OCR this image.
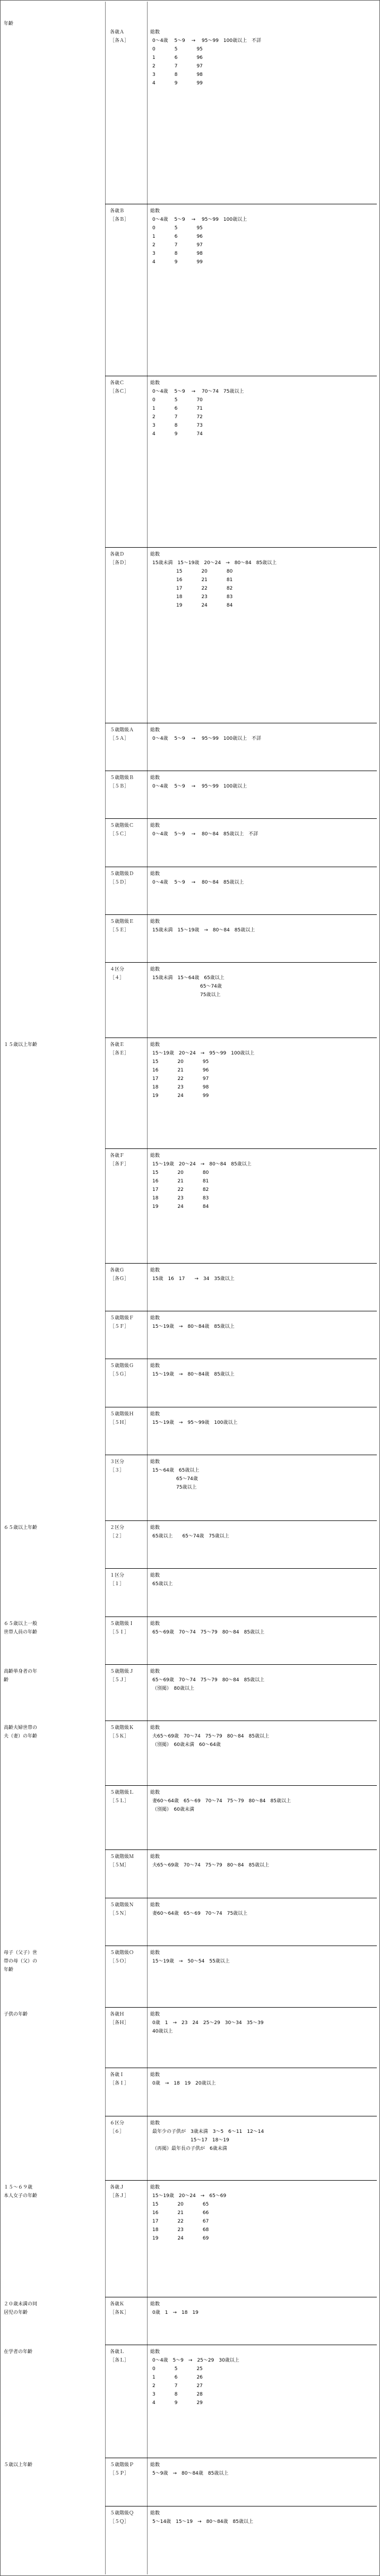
年齢
各歳Ａ	総数
［各Ａ］	0～4歳　 5～9　 →　 95～99　100歳以上　不詳
0　　　　5　　　　95
1　　　　6　　　　96
2　　　　7　　　　97
3　　　　8　　　　98
4　　　　9　　　　99
各歳Ｂ	総数
［各Ｂ］	0～4歳　 5～9　 →　 95～99　100歳以上
0　　　　5　　　　95
1　　　　6　　　　96
2　　　　7　　　　97
3　　　　8　　　　98
4　　　　9　　　　99
各歳Ｃ	総数
［各Ｃ］	0～4歳　 5～9　 →　 70～74　75歳以上
0　　　　5　　　　70
1　　　　6　　　　71
2　　　　7　　　　72
3　　　　8　　　　73
4　　　　9　　　　74
各歳Ｄ	総数
［各Ｄ］	15歳未満　15～19歳　20～24　→　80～84　85歳以上
　　　　　15　　　　20　　　　80
　　　　　16　　　　21　　　　81
　　　　　17　　　　22　　　　82
　　　　　18　　　　23　　　　83
　　　　　19　　　　24　　　　84
５歳階級Ａ	総数
［５Ａ］	0～4歳　 5～9　 →　 95～99　100歳以上　不詳
５歳階級Ｂ	総数
［５Ｂ］	0～4歳　 5～9　 →　 95～99　100歳以上
５歳階級Ｃ	総数
［５Ｃ］	0～4歳　 5～9　 →　 80～84　85歳以上　不詳
５歳階級Ｄ	総数
［５Ｄ］	0～4歳　 5～9　 →　 80～84　85歳以上
５歳階級Ｅ	総数
［５Ｅ］	15歳未満　15～19歳　→　80～84　85歳以上
４区分	総数
［４］	15歳未満　15～64歳　65歳以上
　　　　　　　　　　65～74歳
　　　　　　　　　　75歳以上
１５歳以上年齢	各歳Ｅ	総数
［各Ｅ］	15～19歳　20～24　→　95～99　100歳以上
15　　　　20　　　　95
16　　　　21　　　　96
17　　　　22　　　　97
18　　　　23　　　　98
19　　　　24　　　　99
各歳Ｆ	総数
［各Ｆ］	15～19歳　20～24　→　80～84　85歳以上
15　　　　20　　　　80
16　　　　21　　　　81
17　　　　22　　　　82
18　　　　23　　　　83
19　　　　24　　　　84
各歳Ｇ	総数
［各Ｇ］	15歳　16　17　　→　34　35歳以上
５歳階級Ｆ	総数
［５Ｆ］	15～19歳　→　80～84歳　85歳以上
５歳階級Ｇ	総数
［５Ｇ］	15～19歳　→　80～84歳　85歳以上
５歳階級Ｈ	総数
［５Ｈ］	15～19歳　→　95～99歳　100歳以上
３区分	総数
［３］	15～64歳　65歳以上
　　　　　65～74歳
　　　　　75歳以上
６５歳以上年齢	２区分	総数
［２］	65歳以上　　65～74歳　75歳以上
１区分	総数
［１］	65歳以上
６５歳以上一般
世帯人員の年齢
５歳階級Ｉ	総数
［５Ｉ］	65～69歳　70～74　75～79　80～84　85歳以上
高齢単身者の年
齢
５歳階級Ｊ	総数
［５Ｊ］	65～69歳　70～74　75～79　80～84　85歳以上
（別掲）　80歳以上
高齢夫婦世帯の
夫（妻）の年齢
５歳階級Ｋ	総数
［５Ｋ］	夫65～69歳　70～74　75～79　80～84　85歳以上
（別掲）　60歳未満　60～64歳
５歳階級Ｌ	総数
［５Ｌ］	妻60～64歳　65～69　70～74　75～79　80～84　85歳以上
（別掲）　60歳未満
５歳階級Ｍ	総数
［５Ｍ］	夫65～69歳　70～74　75～79　80～84　85歳以上
５歳階級Ｎ	総数
［５Ｎ］	妻60～64歳　65～69　70～74　75歳以上
母子（父子）世
帯の母（父）の
年齢
５歳階級Ｏ	総数
［５Ｏ］	15～19歳　→　50～54　55歳以上
子供の年齢	各歳Ｈ	総数
［各Ｈ］	0歳　1　→　23　24　25～29　30～34　35～39
40歳以上
各歳Ｉ	総数
［各Ｉ］	0歳　→　18　19　20歳以上
６区分	総数
［６］	最年少の子供が　3歳未満　3～5　6～11　12～14
　　　　　　　　15～17　18～19
（再掲）最年長の子供が　6歳未満
１５～６９歳
本人女子の年齢
各歳Ｊ	総数
［各Ｊ］	15～19歳　20～24　→　65～69
15　　　　20　　　　65
16　　　　21　　　　66
17　　　　22　　　　67
18　　　　23　　　　68
19　　　　24　　　　69
２０歳未満の同
居児の年齢
各歳Ｋ	総数
［各Ｋ］	0歳　1　→　18　19
在学者の年齢	各歳Ｌ	総数
［各Ｌ］	0～4歳　5～9　→　25～29　30歳以上
0　　　　5　　　　25
1　　　　6　　　　26
2　　　　7　　　　27
3　　　　8　　　　28
4　　　　9　　　　29
５歳以上年齢	５歳階級Ｐ	総数
［５Ｐ］	5～9歳　→　80～84歳　85歳以上
５歳階級Ｑ	総数
［５Ｑ］	5～14歳　15～19　→　80～84歳　85歳以上
